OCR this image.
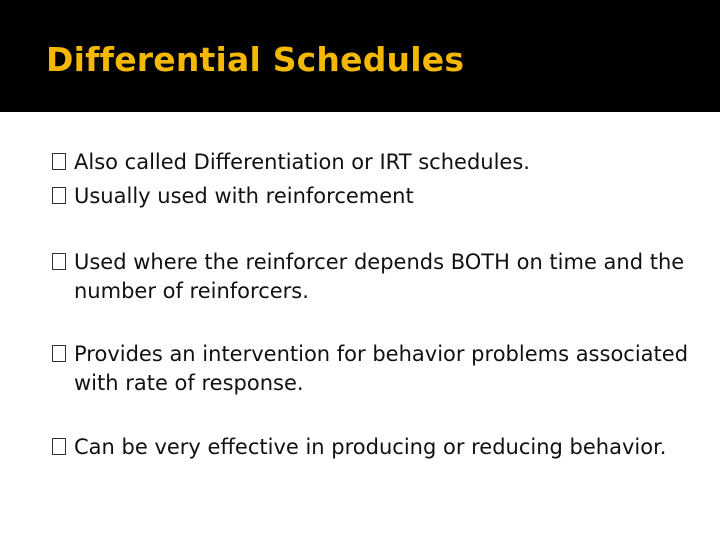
Differential Schedules
Also called Differentiation or IRT schedules.
Usually used with reinforcement
Used where the reinforcer depends BOTH on time and the number of reinforcers.
Provides an intervention for behavior problems associated with rate of response.
Can be very effective in producing or reducing behavior.
